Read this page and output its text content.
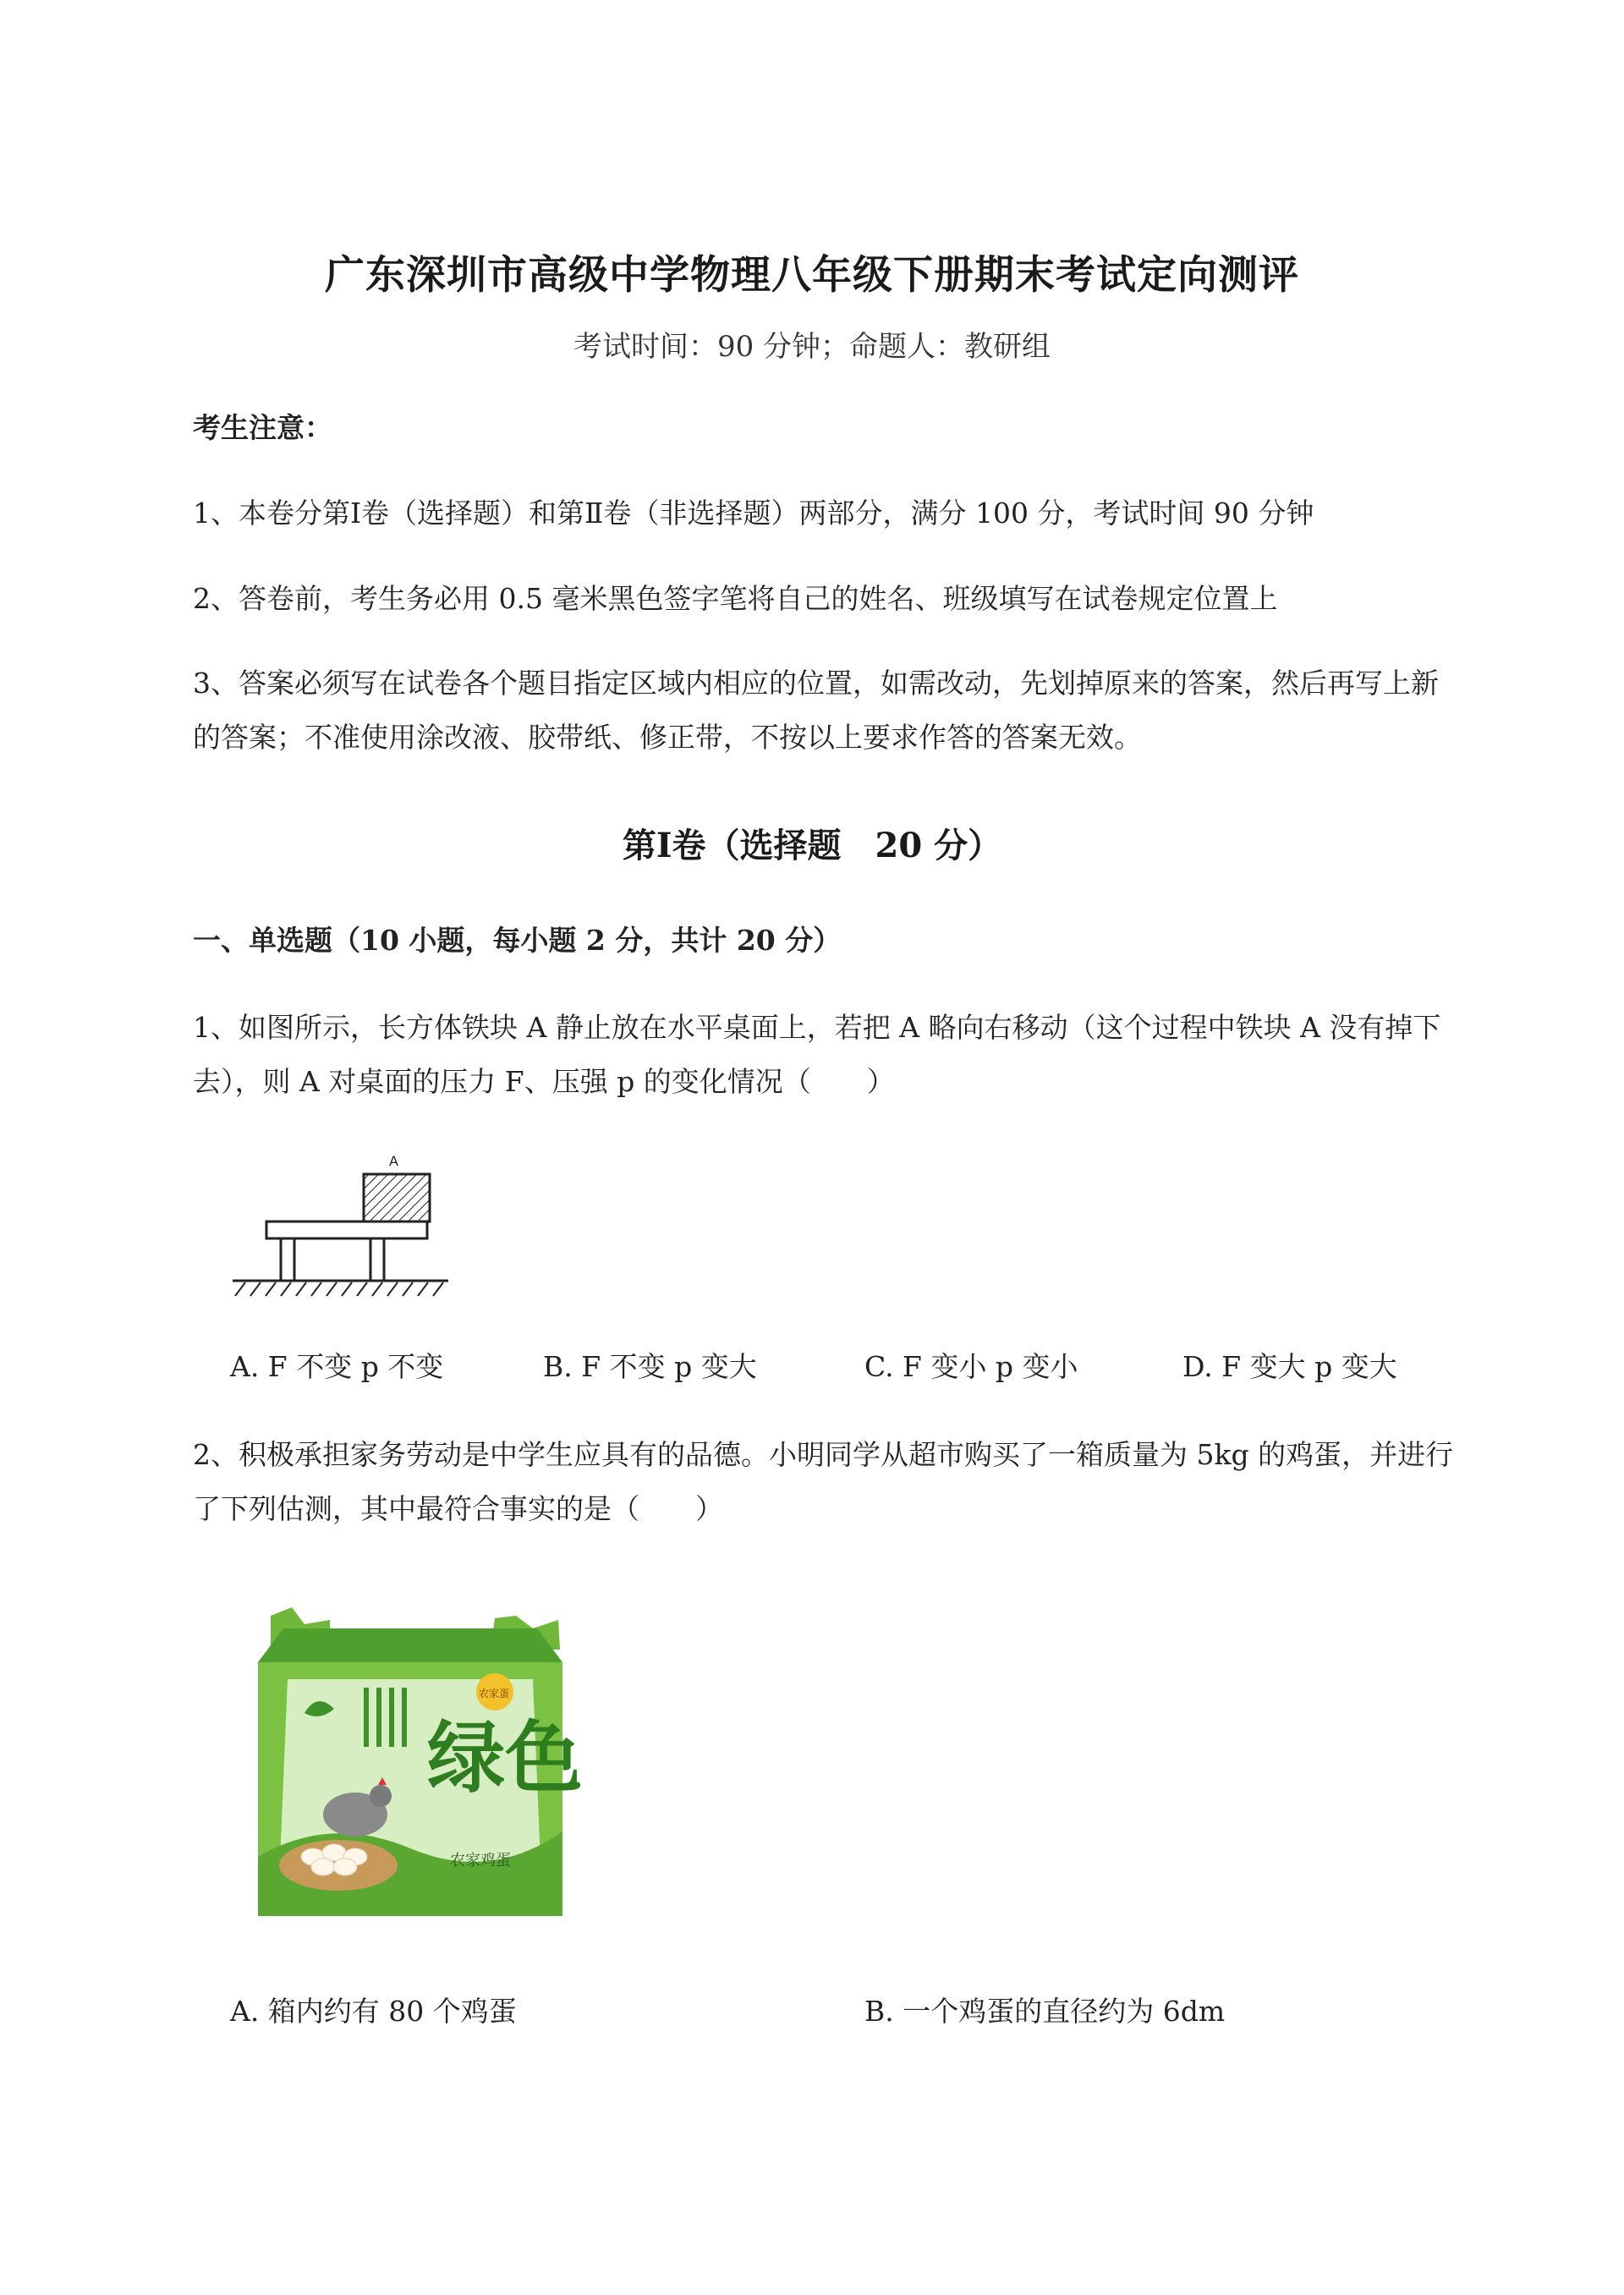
广东深圳市高级中学物理八年级下册期末考试定向测评
考试时间：90 分钟；命题人：教研组
考生注意：
1、本卷分第Ⅰ卷（选择题）和第Ⅱ卷（非选择题）两部分，满分 100 分，考试时间 90 分钟
2、答卷前，考生务必用 0.5 毫米黑色签字笔将自己的姓名、班级填写在试卷规定位置上
3、答案必须写在试卷各个题目指定区域内相应的位置，如需改动，先划掉原来的答案，然后再写上新
的答案；不准使用涂改液、胶带纸、修正带，不按以上要求作答的答案无效。
第Ⅰ卷（选择题　20 分）
一、单选题（10 小题，每小题 2 分，共计 20 分）
1、如图所示，长方体铁块 A 静止放在水平桌面上，若把 A 略向右移动（这个过程中铁块 A 没有掉下
去），则 A 对桌面的压力 F、压强 p 的变化情况（　　）
A
A. F 不变 p 不变	B. F 不变 p 变大	C. F 变小 p 变小	D. F 变大 p 变大
2、积极承担家务劳动是中学生应具有的品德。小明同学从超市购买了一箱质量为 5kg 的鸡蛋，并进行
了下列估测，其中最符合事实的是（　　）
绿色
农家蛋
农家鸡蛋
A. 箱内约有 80 个鸡蛋	B. 一个鸡蛋的直径约为 6dm
